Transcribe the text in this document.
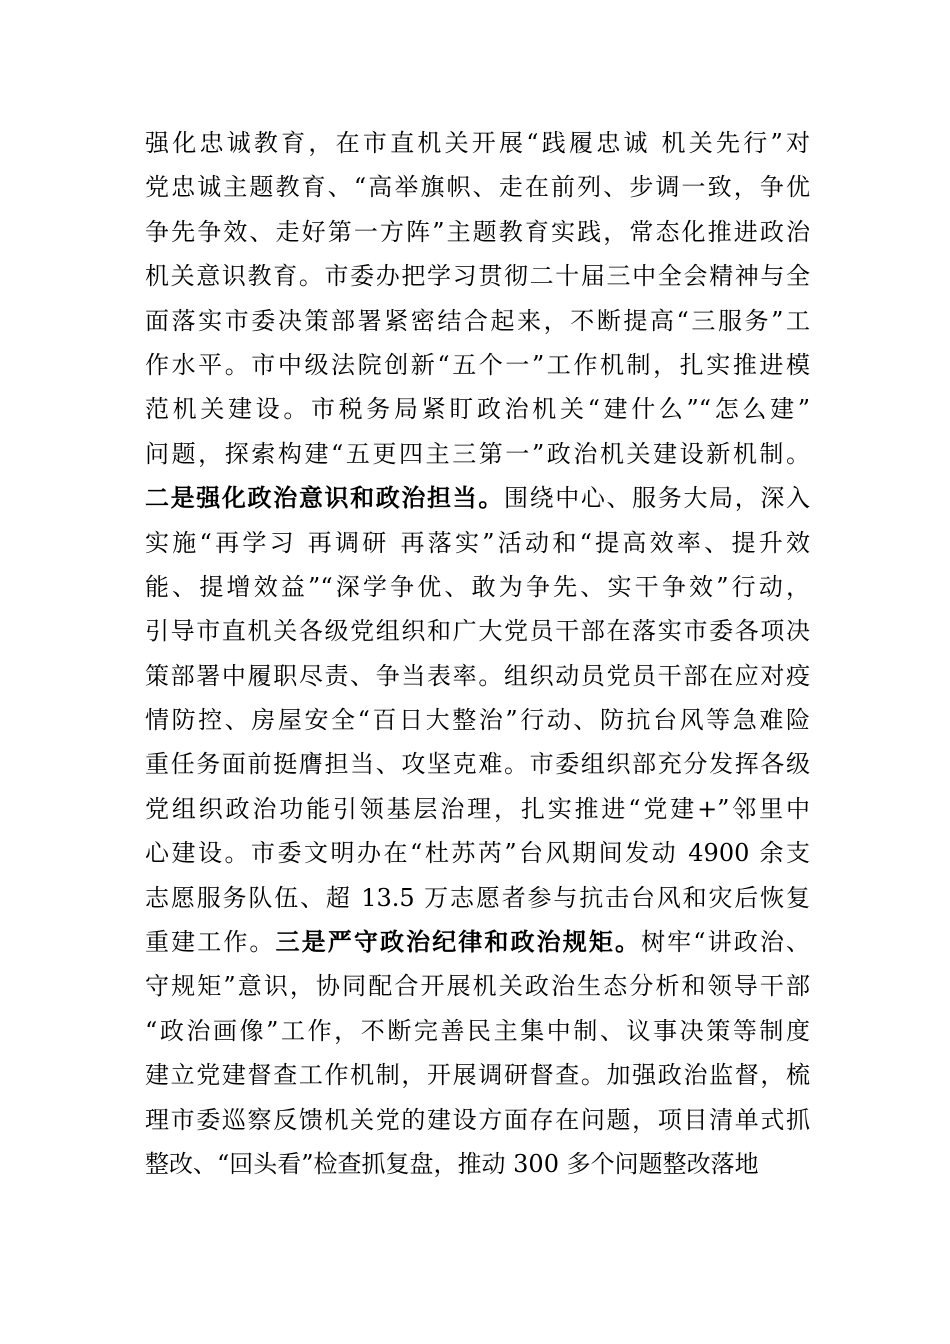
强化忠诚教育，在市直机关开展“践履忠诚 机关先行”对
党忠诚主题教育、“高举旗帜、走在前列、步调一致，争优
争先争效、走好第一方阵”主题教育实践，常态化推进政治
机关意识教育。市委办把学习贯彻二十届三中全会精神与全
面落实市委决策部署紧密结合起来，不断提高“三服务”工
作水平。市中级法院创新“五个一”工作机制，扎实推进模
范机关建设。市税务局紧盯政治机关“建什么”“怎么建”
问题，探索构建“五更四主三第一”政治机关建设新机制。
二是强化政治意识和政治担当。围绕中心、服务大局，深入
实施“再学习 再调研 再落实”活动和“提高效率、提升效
能、提增效益”“深学争优、敢为争先、实干争效”行动，
引导市直机关各级党组织和广大党员干部在落实市委各项决
策部署中履职尽责、争当表率。组织动员党员干部在应对疫
情防控、房屋安全“百日大整治”行动、防抗台风等急难险
重任务面前挺膺担当、攻坚克难。市委组织部充分发挥各级
党组织政治功能引领基层治理，扎实推进“党建+”邻里中
心建设。市委文明办在“杜苏芮”台风期间发动 4900 余支
志愿服务队伍、超 13.5 万志愿者参与抗击台风和灾后恢复
重建工作。三是严守政治纪律和政治规矩。树牢“讲政治、
守规矩”意识，协同配合开展机关政治生态分析和领导干部
“政治画像”工作，不断完善民主集中制、议事决策等制度
建立党建督查工作机制，开展调研督查。加强政治监督，梳
理市委巡察反馈机关党的建设方面存在问题，项目清单式抓
整改、“回头看”检查抓复盘，推动 300 多个问题整改落地
